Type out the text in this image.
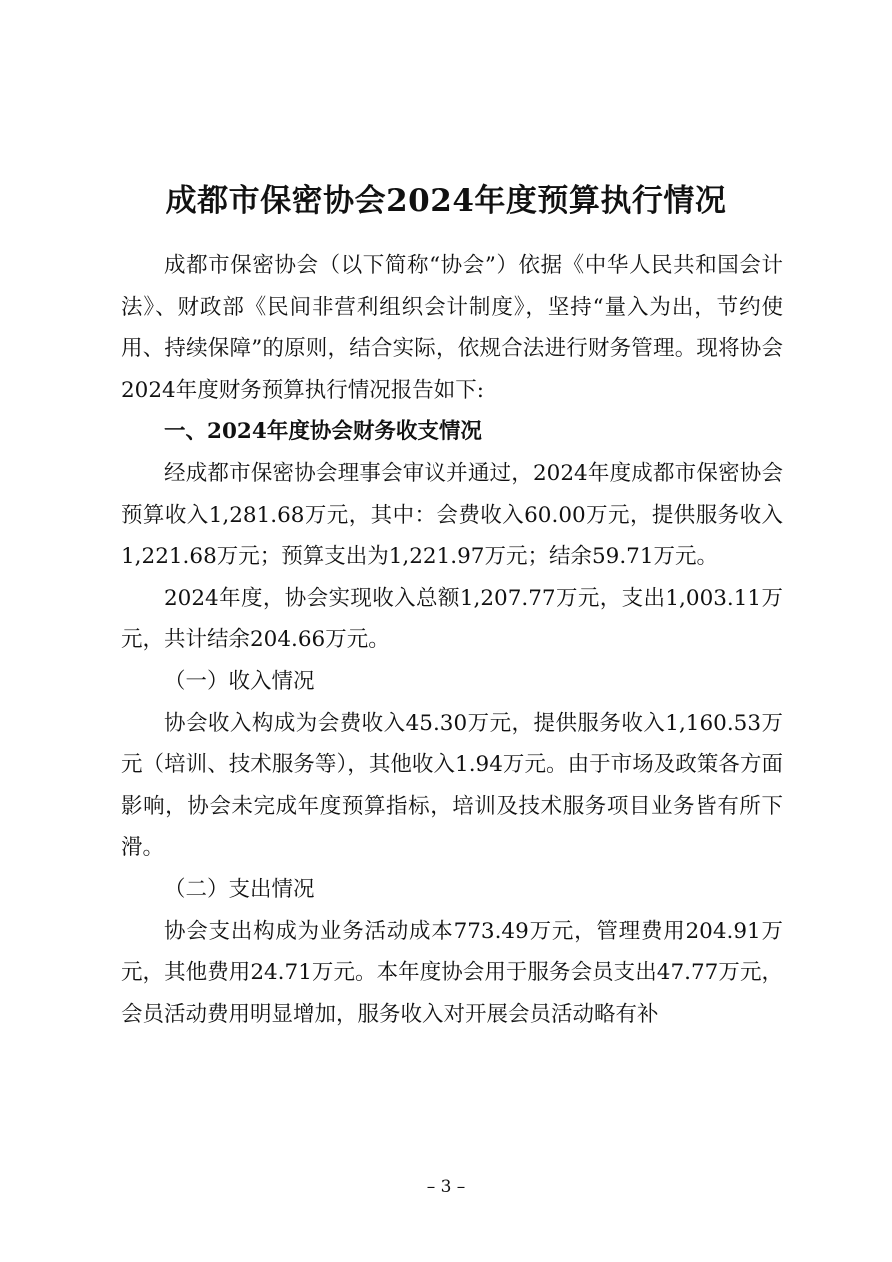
成都市保密协会2024年度预算执行情况

成都市保密协会（以下简称“协会”）依据《中华人民共和国会计法》、财政部《民间非营利组织会计制度》，坚持“量入为出，节约使用、持续保障”的原则，结合实际，依规合法进行财务管理。现将协会2024年度财务预算执行情况报告如下:

一、2024年度协会财务收支情况

经成都市保密协会理事会审议并通过，2024年度成都市保密协会预算收入1,281.68万元，其中：会费收入60.00万元，提供服务收入1,221.68万元；预算支出为1,221.97万元；结余59.71万元。

2024年度，协会实现收入总额1,207.77万元，支出1,003.11万元，共计结余204.66万元。

（一）收入情况

协会收入构成为会费收入45.30万元，提供服务收入1,160.53万元（培训、技术服务等），其他收入1.94万元。由于市场及政策各方面影响，协会未完成年度预算指标，培训及技术服务项目业务皆有所下滑。

（二）支出情况

协会支出构成为业务活动成本773.49万元，管理费用204.91万元，其他费用24.71万元。本年度协会用于服务会员支出47.77万元，会员活动费用明显增加，服务收入对开展会员活动略有补

– 3 –
